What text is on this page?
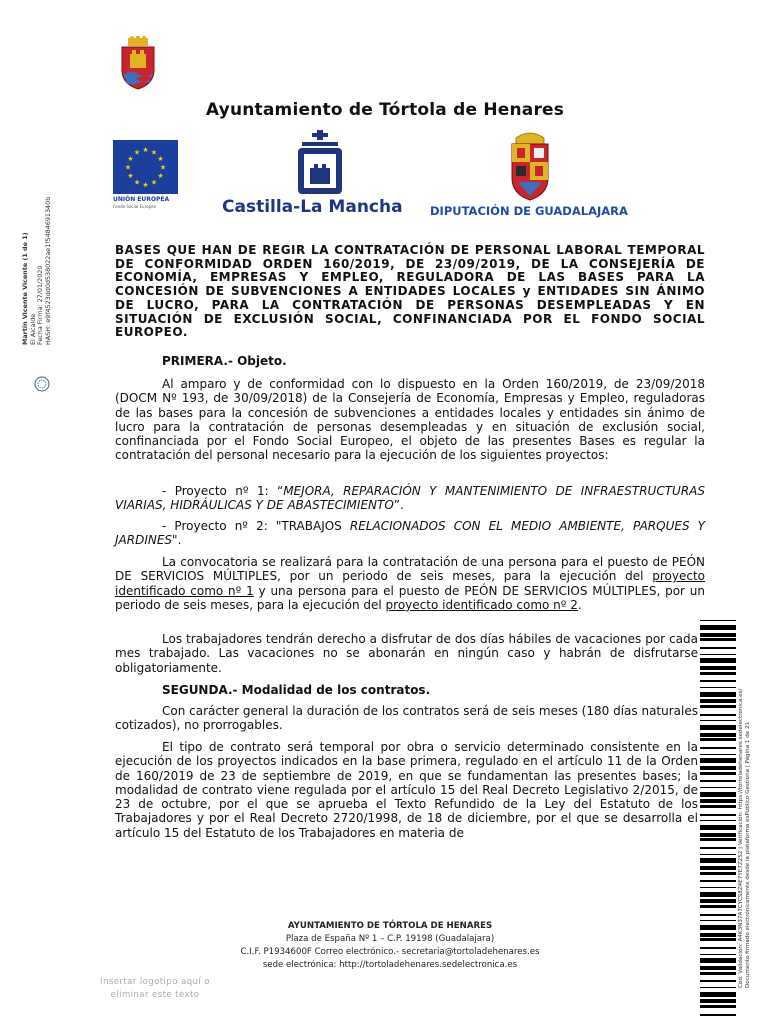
Ayuntamiento de Tórtola de Henares
★ ★
★
★
★
★
★
★
★
★
★
★
UNIÓN EUROPEA
Fondo Social Europeo	Castilla-La Mancha DIPUTACIÓN DE GUADALAJARA
Martín Vicente Vicente (1 de 1) El Alcalde Fecha Firma: 27/01/2020 HASH: e9f4523dd0d538022ae1f5484691340b	BASES QUE HAN DE REGIR LA CONTRATACIÓN DE PERSONAL LABORAL TEMPORAL DE CONFORMIDAD ORDEN 160/2019, DE 23/09/2019, DE LA CONSEJERÍA DE ECONOMÍA, EMPRESAS Y EMPLEO, REGULADORA DE LAS BASES PARA LA CONCESIÓN DE SUBVENCIONES A ENTIDADES LOCALES y ENTIDADES SIN ÁNIMO DE LUCRO, PARA LA CONTRATACIÓN DE PERSONAS DESEMPLEADAS Y EN SITUACIÓN DE EXCLUSIÓN SOCIAL, CONFINANCIADA POR EL FONDO SOCIAL EUROPEO.
PRIMERA.- Objeto.
Al amparo y de conformidad con lo dispuesto en la Orden 160/2019, de 23/09/2018 (DOCM Nº 193, de 30/09/2018) de la Consejería de Economía, Empresas y Empleo, reguladoras de las bases para la concesión de subvenciones a entidades locales y entidades sin ánimo de lucro para la contratación de personas desempleadas y en situación de exclusión social, confinanciada por el Fondo Social Europeo, el objeto de las presentes Bases es regular la contratación del personal necesario para la ejecución de los siguientes proyectos:
- Proyecto nº 1: “MEJORA, REPARACIÓN Y MANTENIMIENTO DE INFRAESTRUCTURAS VIARIAS, HIDRÁULICAS Y DE ABASTECIMIENTO”.
- Proyecto nº 2: "TRABAJOS RELACIONADOS CON EL MEDIO AMBIENTE, PARQUES Y JARDINES".
La convocatoria se realizará para la contratación de una persona para el puesto de PEÓN DE SERVICIOS MÚLTIPLES, por un periodo de seis meses, para la ejecución del proyecto identificado como nº 1 y una persona para el puesto de PEÓN DE SERVICIOS MÚLTIPLES, por un periodo de seis meses, para la ejecución del proyecto identificado como nº 2.
Los trabajadores tendrán derecho a disfrutar de dos días hábiles de vacaciones por cada mes trabajado. Las vacaciones no se abonarán en ningún caso y habrán de disfrutarse obligatoriamente.
SEGUNDA.- Modalidad de los contratos.
Con carácter general la duración de los contratos será de seis meses (180 días naturales cotizados), no prorrogables.
El tipo de contrato será temporal por obra o servicio determinado consistente en la ejecución de los proyectos indicados en la base primera, regulado en el artículo 11 de la Orden de 160/2019 de 23 de septiembre de 2019, en que se fundamentan las presentes bases; la modalidad de contrato viene regulada por el artículo 15 del Real Decreto Legislativo 2/2015, de 23 de octubre, por el que se aprueba el Texto Refundido de la Ley del Estatuto de los Trabajadores y por el Real Decreto 2720/1998, de 18 de diciembre, por el que se desarrolla el artículo 15 del Estatuto de los Trabajadores en materia de	Cód. Validación: A4K3N37A7CYCS8Z4E7YE7Z252 | Verificación: https://tortoladehenares.sedelectronica.es/ Documento firmado electrónicamente desde la plataforma esPublico Gestiona | Página 1 de 21
AYUNTAMIENTO DE TÓRTOLA DE HENARES
Plaza de España Nº 1 – C.P. 19198 (Guadalajara)
C.I.F. P1934600F Correo electrónico.- secretaria@tortoladehenares.es
sede electrónica: http://tortoladehenares.sedelectronica.es
Insertar logotipo aquí o eliminar este texto
